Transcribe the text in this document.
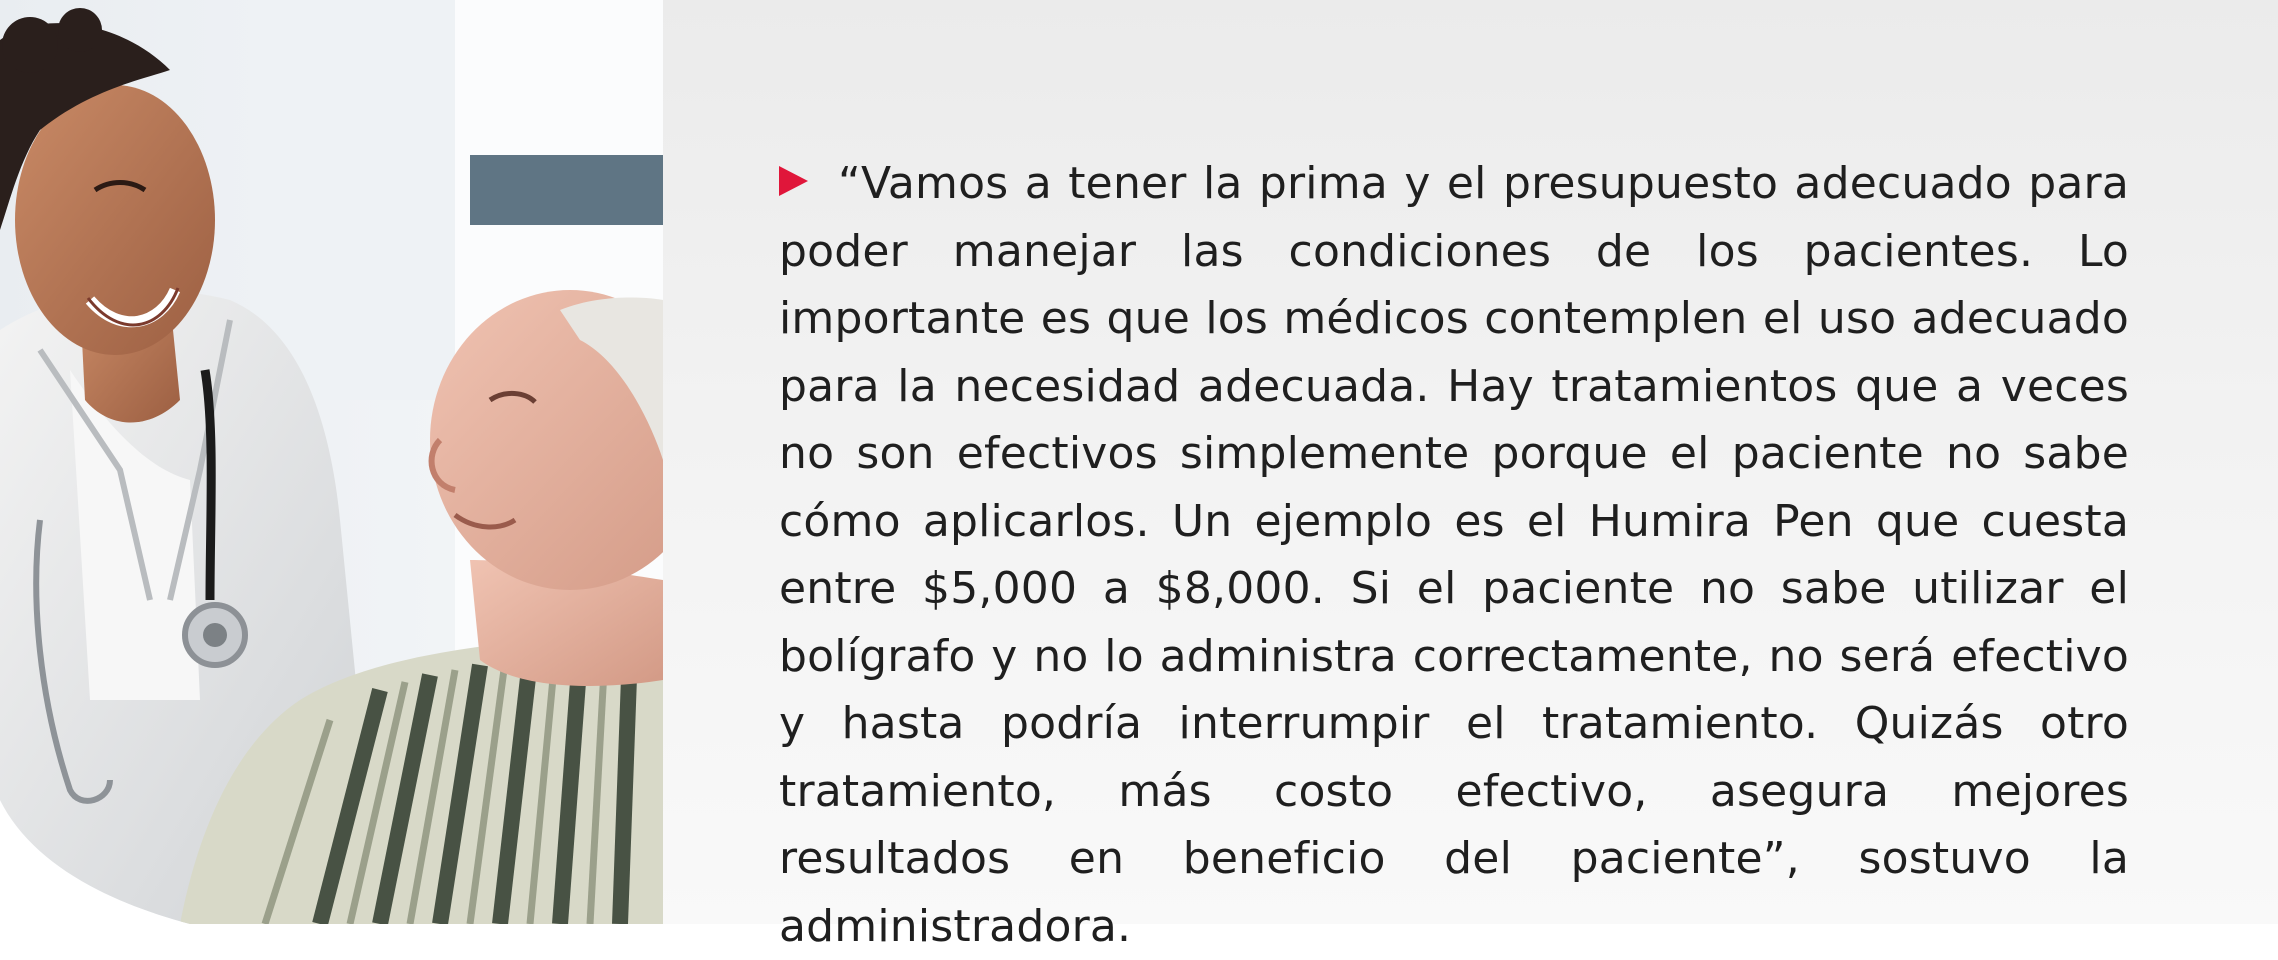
“Vamos a tener la prima y el presupuesto adecuado para poder manejar las condiciones de los pacientes. Lo importante es que los médicos contemplen el uso adecuado para la necesidad adecuada. Hay tratamientos que a veces no son efectivos simplemente porque el paciente no sabe cómo aplicarlos. Un ejemplo es el Humira Pen que cuesta entre $5,000 a $8,000. Si el paciente no sabe utilizar el bolígrafo y no lo administra correctamente, no será efectivo y hasta podría interrumpir el tratamiento. Quizás otro tratamiento, más costo efectivo, asegura mejores resultados en beneficio del paciente”, sostuvo la administradora.
